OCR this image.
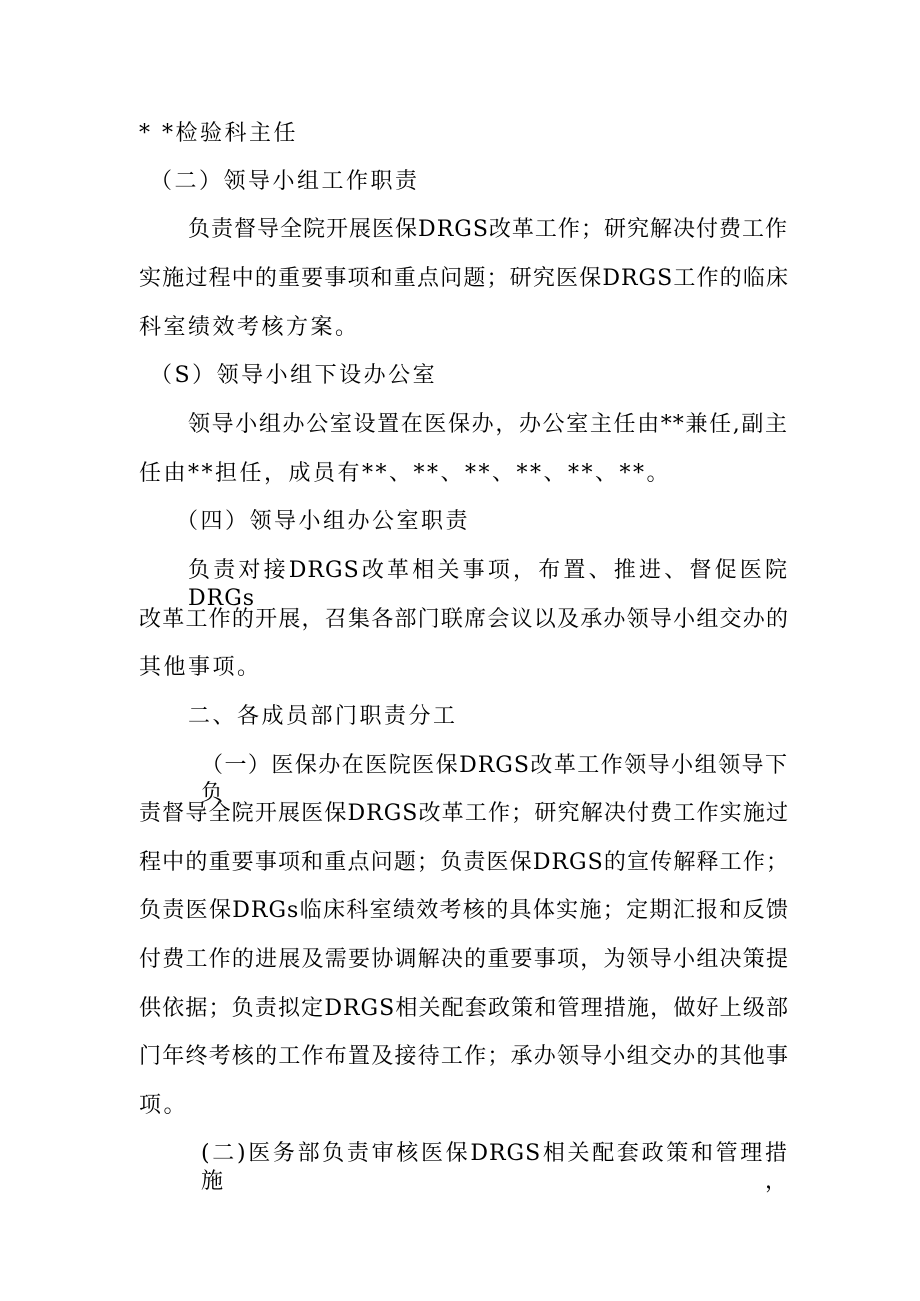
* *检验科主任

（二）领导小组工作职责

负责督导全院开展医保DRGS改革工作；研究解决付费工作

实施过程中的重要事项和重点问题；研究医保DRGS工作的临床

科室绩效考核方案。

（S）领导小组下设办公室

领导小组办公室设置在医保办，办公室主任由**兼任,副主

任由**担任，成员有**、**、**、**、**、**。

（四）领导小组办公室职责

负责对接DRGS改革相关事项，布置、推进、督促医院DRGs

改革工作的开展，召集各部门联席会议以及承办领导小组交办的

其他事项。

二、各成员部门职责分工

（一）医保办在医院医保DRGS改革工作领导小组领导下负

责督导全院开展医保DRGS改革工作；研究解决付费工作实施过

程中的重要事项和重点问题；负责医保DRGS的宣传解释工作；

负责医保DRGs临床科室绩效考核的具体实施；定期汇报和反馈

付费工作的进展及需要协调解决的重要事项，为领导小组决策提

供依据；负责拟定DRGS相关配套政策和管理措施，做好上级部

门年终考核的工作布置及接待工作；承办领导小组交办的其他事

项。

(二)医务部负责审核医保DRGS相关配套政策和管理措施，
